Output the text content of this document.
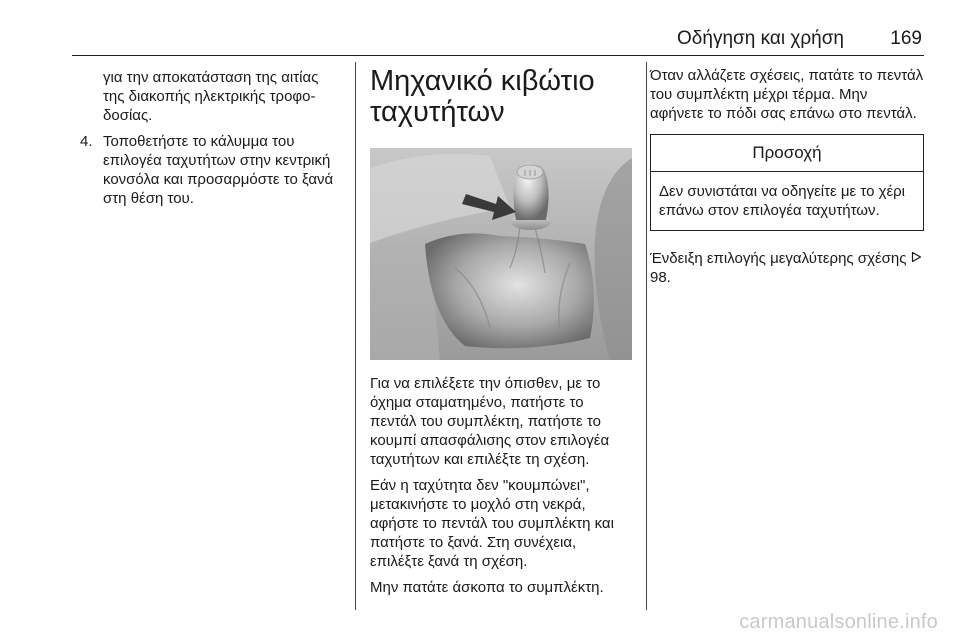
Οδήγηση και χρήση 169

για την αποκατάσταση της αιτίας της διακοπής ηλεκτρικής τροφοδοσίας.

4. Τοποθετήστε το κάλυμμα του επιλογέα ταχυτήτων στην κεντρική κονσόλα και προσαρμόστε το ξανά στη θέση του.
Μηχανικό κιβώτιο
ταχυτήτων

Για να επιλέξετε την όπισθεν, με το όχημα σταματημένο, πατήστε το πεντάλ του συμπλέκτη, πατήστε το κουμπί απασφάλισης στον επιλογέα ταχυτήτων και επιλέξτε τη σχέση.

Εάν η ταχύτητα δεν "κουμπώνει", μετακινήστε το μοχλό στη νεκρά, αφήστε το πεντάλ του συμπλέκτη και πατήστε το ξανά. Στη συνέχεια, επιλέξτε ξανά τη σχέση.

Μην πατάτε άσκοπα το συμπλέκτη.

Όταν αλλάζετε σχέσεις, πατάτε το πεντάλ του συμπλέκτη μέχρι τέρμα. Μην αφήνετε το πόδι σας επάνω στο πεντάλ.

Προσοχή
Δεν συνιστάται να οδηγείτε με το χέρι επάνω στον επιλογέα ταχυτήτων.

Ένδειξη επιλογής μεγαλύτερης σχέσης  98.

carmanualsonline.info
